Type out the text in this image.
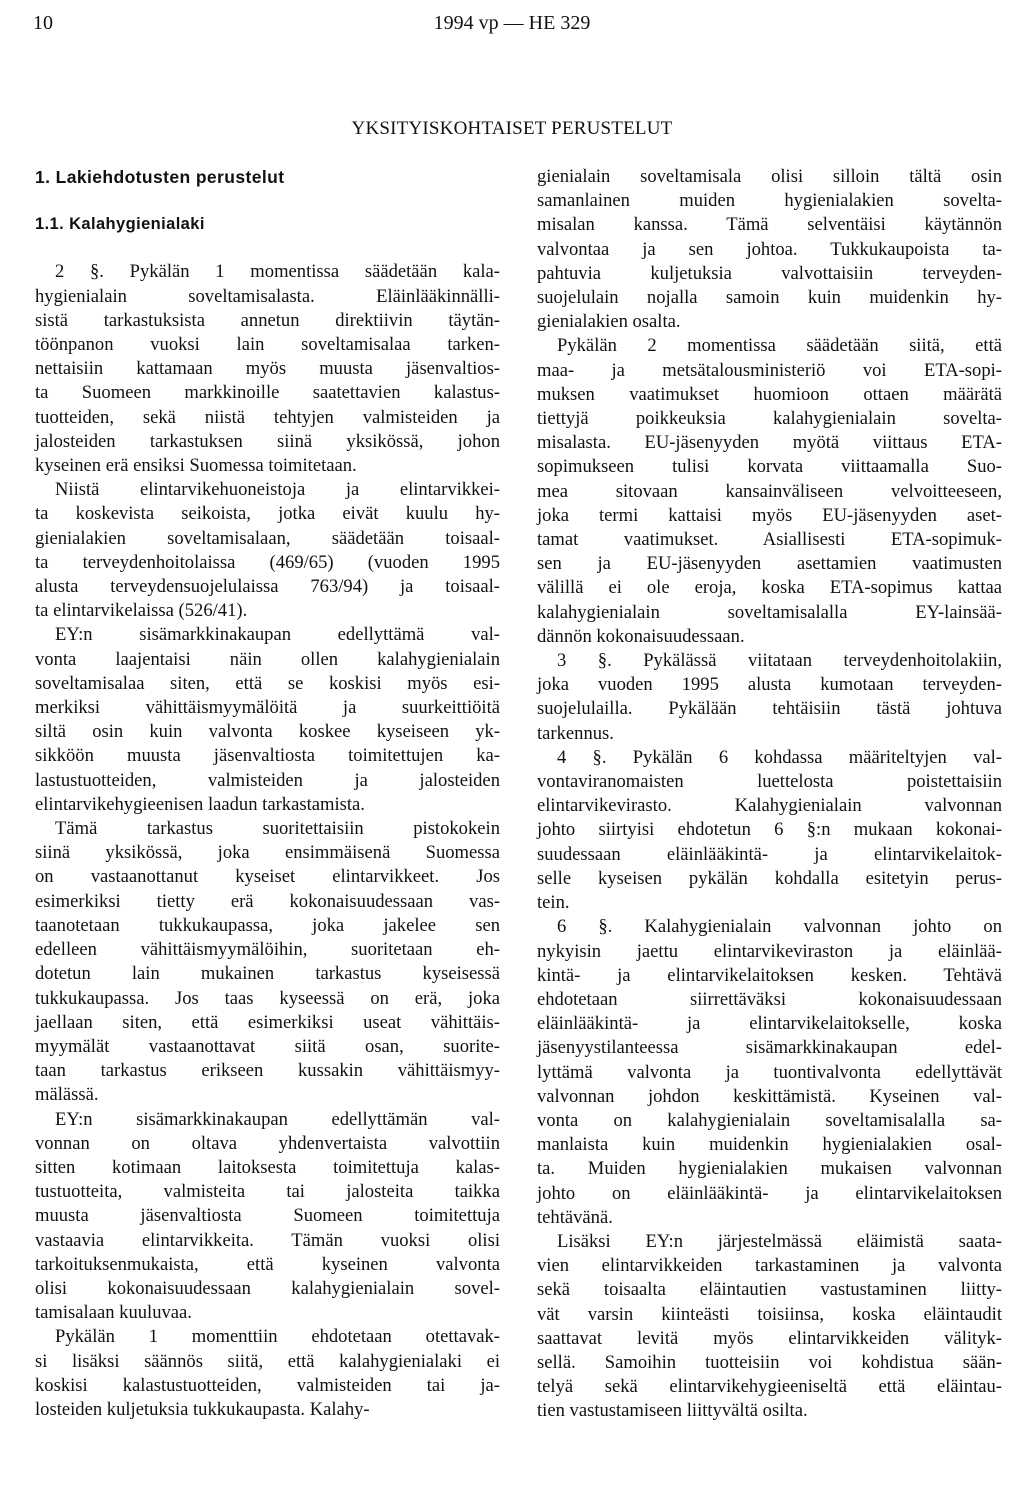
10	1994 vp — HE 329
YKSITYISKOHTAISET PERUSTELUT
1. Lakiehdotusten perustelut
1.1. Kalahygienialaki

2 §. Pykälän 1 momentissa säädetään kala-
hygienialain soveltamisalasta. Eläinlääkinnälli-
sistä tarkastuksista annetun direktiivin täytän-
töönpanon vuoksi lain soveltamisalaa tarken-
nettaisiin kattamaan myös muusta jäsenvaltios-
ta Suomeen markkinoille saatettavien kalastus-
tuotteiden, sekä niistä tehtyjen valmisteiden ja
jalosteiden tarkastuksen siinä yksikössä, johon
kyseinen erä ensiksi Suomessa toimitetaan.

Niistä elintarvikehuoneistoja ja elintarvikkei-
ta koskevista seikoista, jotka eivät kuulu hy-
gienialakien soveltamisalaan, säädetään toisaal-
ta terveydenhoitolaissa (469/65) (vuoden 1995
alusta terveydensuojelulaissa 763/94) ja toisaal-
ta elintarvikelaissa (526/41).

EY:n sisämarkkinakaupan edellyttämä val-
vonta laajentaisi näin ollen kalahygienialain
soveltamisalaa siten, että se koskisi myös esi-
merkiksi vähittäismyymälöitä ja suurkeittiöitä
siltä osin kuin valvonta koskee kyseiseen yk-
sikköön muusta jäsenvaltiosta toimitettujen ka-
lastustuotteiden, valmisteiden ja jalosteiden
elintarvikehygieenisen laadun tarkastamista.

Tämä tarkastus suoritettaisiin pistokokein
siinä yksikössä, joka ensimmäisenä Suomessa
on vastaanottanut kyseiset elintarvikkeet. Jos
esimerkiksi tietty erä kokonaisuudessaan vas-
taanotetaan tukkukaupassa, joka jakelee sen
edelleen vähittäismyymälöihin, suoritetaan eh-
dotetun lain mukainen tarkastus kyseisessä
tukkukaupassa. Jos taas kyseessä on erä, joka
jaellaan siten, että esimerkiksi useat vähittäis-
myymälät vastaanottavat siitä osan, suorite-
taan tarkastus erikseen kussakin vähittäismyy-
mälässä.

EY:n sisämarkkinakaupan edellyttämän val-
vonnan on oltava yhdenvertaista valvottiin
sitten kotimaan laitoksesta toimitettuja kalas-
tustuotteita, valmisteita tai jalosteita taikka
muusta jäsenvaltiosta Suomeen toimitettuja
vastaavia elintarvikkeita. Tämän vuoksi olisi
tarkoituksenmukaista, että kyseinen valvonta
olisi kokonaisuudessaan kalahygienialain sovel-
tamisalaan kuuluvaa.

Pykälän 1 momenttiin ehdotetaan otettavak-
si lisäksi säännös siitä, että kalahygienialaki ei
koskisi kalastustuotteiden, valmisteiden tai ja-
losteiden kuljetuksia tukkukaupasta. Kalahy-

gienialain soveltamisala olisi silloin tältä osin
samanlainen muiden hygienialakien sovelta-
misalan kanssa. Tämä selventäisi käytännön
valvontaa ja sen johtoa. Tukkukaupoista ta-
pahtuvia kuljetuksia valvottaisiin terveyden-
suojelulain nojalla samoin kuin muidenkin hy-
gienialakien osalta.

Pykälän 2 momentissa säädetään siitä, että
maa- ja metsätalousministeriö voi ETA-sopi-
muksen vaatimukset huomioon ottaen määrätä
tiettyjä poikkeuksia kalahygienialain sovelta-
misalasta. EU-jäsenyyden myötä viittaus ETA-
sopimukseen tulisi korvata viittaamalla Suo-
mea sitovaan kansainväliseen velvoitteeseen,
joka termi kattaisi myös EU-jäsenyyden aset-
tamat vaatimukset. Asiallisesti ETA-sopimuk-
sen ja EU-jäsenyyden asettamien vaatimusten
välillä ei ole eroja, koska ETA-sopimus kattaa
kalahygienialain soveltamisalalla EY-lainsää-
dännön kokonaisuudessaan.

3 §. Pykälässä viitataan terveydenhoitolakiin,
joka vuoden 1995 alusta kumotaan terveyden-
suojelulailla. Pykälään tehtäisiin tästä johtuva
tarkennus.

4 §. Pykälän 6 kohdassa määriteltyjen val-
vontaviranomaisten luettelosta poistettaisiin
elintarvikevirasto. Kalahygienialain valvonnan
johto siirtyisi ehdotetun 6 §:n mukaan kokonai-
suudessaan eläinlääkintä- ja elintarvikelaitok-
selle kyseisen pykälän kohdalla esitetyin perus-
tein.

6 §. Kalahygienialain valvonnan johto on
nykyisin jaettu elintarvikeviraston ja eläinlää-
kintä- ja elintarvikelaitoksen kesken. Tehtävä
ehdotetaan siirrettäväksi kokonaisuudessaan
eläinlääkintä- ja elintarvikelaitokselle, koska
jäsenyystilanteessa sisämarkkinakaupan edel-
lyttämä valvonta ja tuontivalvonta edellyttävät
valvonnan johdon keskittämistä. Kyseinen val-
vonta on kalahygienialain soveltamisalalla sa-
manlaista kuin muidenkin hygienialakien osal-
ta. Muiden hygienialakien mukaisen valvonnan
johto on eläinlääkintä- ja elintarvikelaitoksen
tehtävänä.

Lisäksi EY:n järjestelmässä eläimistä saata-
vien elintarvikkeiden tarkastaminen ja valvonta
sekä toisaalta eläintautien vastustaminen liitty-
vät varsin kiinteästi toisiinsa, koska eläintaudit
saattavat levitä myös elintarvikkeiden välityk-
sellä. Samoihin tuotteisiin voi kohdistua sään-
telyä sekä elintarvikehygieeniseltä että eläintau-
tien vastustamiseen liittyvältä osilta.
